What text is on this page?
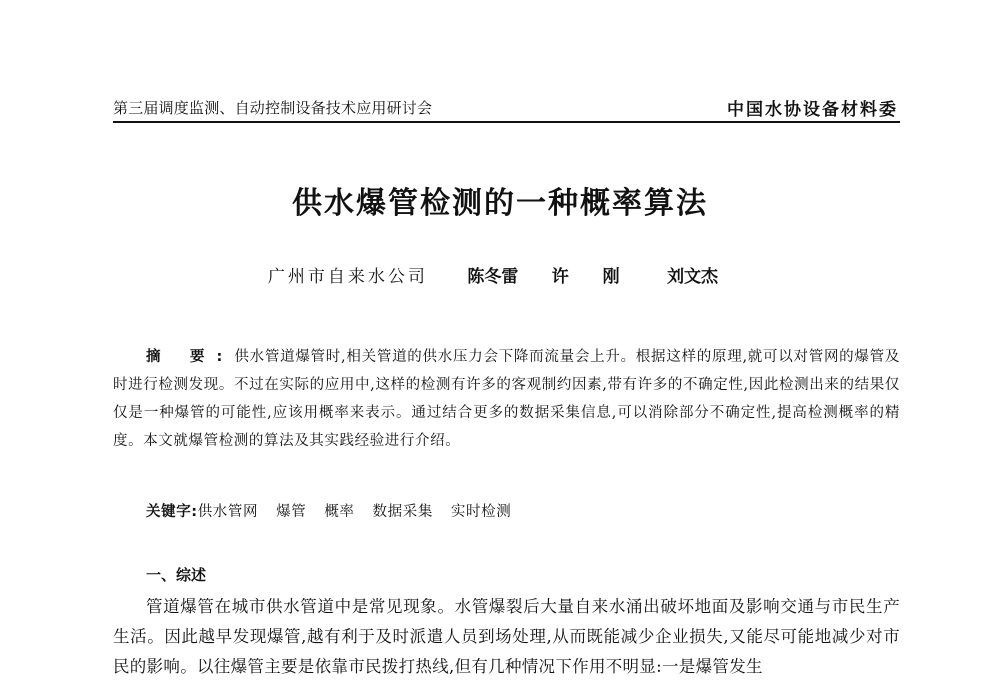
第三届调度监测、自动控制设备技术应用研讨会	中国水协设备材料委
供水爆管检测的一种概率算法
广州市自来水公司 陈冬雷 许 刚 刘文杰
摘 要:供水管道爆管时,相关管道的供水压力会下降而流量会上升。根据这样的原理,就可以对管网的爆管及时进行检测发现。不过在实际的应用中,这样的检测有许多的客观制约因素,带有许多的不确定性,因此检测出来的结果仅仅是一种爆管的可能性,应该用概率来表示。通过结合更多的数据采集信息,可以消除部分不确定性,提高检测概率的精度。本文就爆管检测的算法及其实践经验进行介绍。
关键字:供水管网 爆管 概率 数据采集 实时检测
一、综述
管道爆管在城市供水管道中是常见现象。水管爆裂后大量自来水涌出破坏地面及影响交通与市民生产生活。因此越早发现爆管,越有利于及时派遣人员到场处理,从而既能减少企业损失,又能尽可能地减少对市民的影响。以往爆管主要是依靠市民拨打热线,但有几种情况下作用不明显:一是爆管发生
